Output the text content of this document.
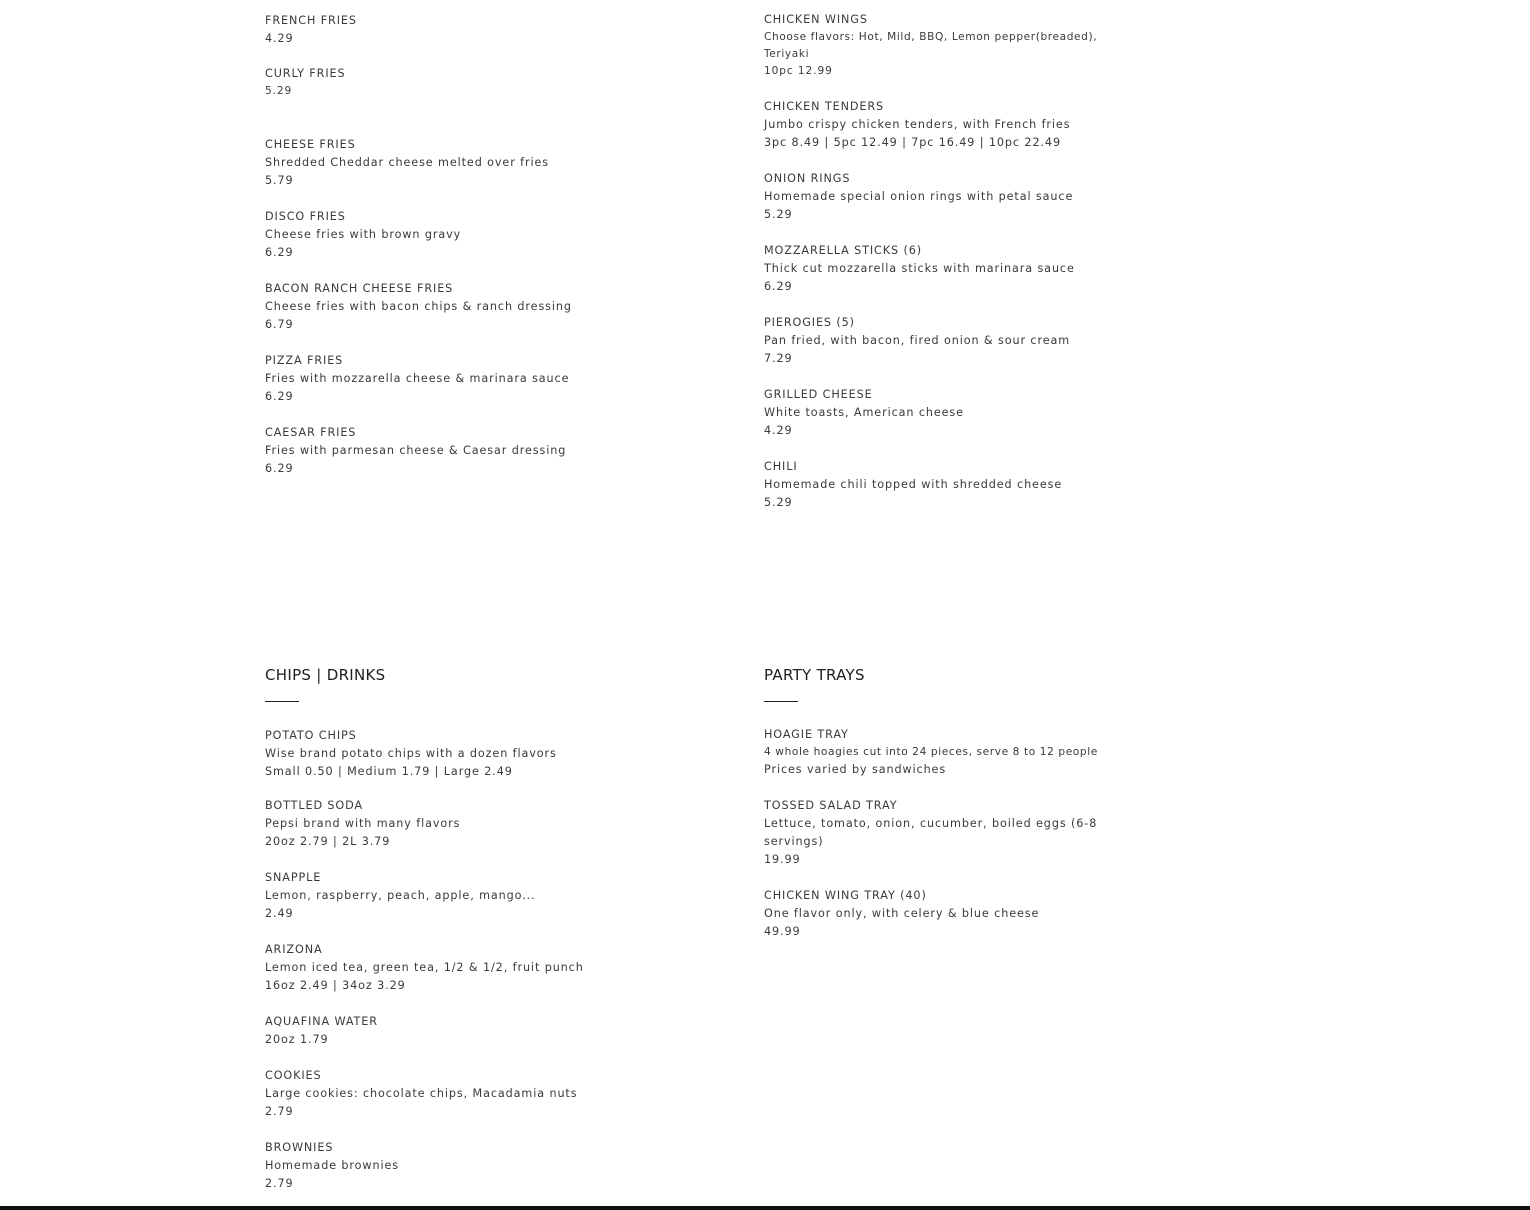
FRENCH FRIES
4.29
CURLY FRIES
5.29
CHEESE FRIES
Shredded Cheddar cheese melted over fries
5.79
DISCO FRIES
Cheese fries with brown gravy
6.29
BACON RANCH CHEESE FRIES
Cheese fries with bacon chips & ranch dressing
6.79
PIZZA FRIES
Fries with mozzarella cheese & marinara sauce
6.29
CAESAR FRIES
Fries with parmesan cheese & Caesar dressing
6.29
CHICKEN WINGS
Choose flavors: Hot, Mild, BBQ, Lemon pepper(breaded), Teriyaki
10pc 12.99
CHICKEN TENDERS
Jumbo crispy chicken tenders, with French fries
3pc 8.49 | 5pc 12.49 | 7pc 16.49 | 10pc 22.49
ONION RINGS
Homemade special onion rings with petal sauce
5.29
MOZZARELLA STICKS (6)
Thick cut mozzarella sticks with marinara sauce
6.29
PIEROGIES (5)
Pan fried, with bacon, fired onion & sour cream
7.29
GRILLED CHEESE
White toasts, American cheese
4.29
CHILI
Homemade chili topped with shredded cheese
5.29
CHIPS | DRINKS	PARTY TRAYS
POTATO CHIPS
Wise brand potato chips with a dozen flavors
Small 0.50 | Medium 1.79 | Large 2.49
BOTTLED SODA
Pepsi brand with many flavors
20oz 2.79 | 2L 3.79
SNAPPLE
Lemon, raspberry, peach, apple, mango...
2.49
ARIZONA
Lemon iced tea, green tea, 1/2 & 1/2, fruit punch
16oz 2.49 | 34oz 3.29
AQUAFINA WATER
20oz 1.79
COOKIES
Large cookies: chocolate chips, Macadamia nuts
2.79
BROWNIES
Homemade brownies
2.79
HOAGIE TRAY
4 whole hoagies cut into 24 pieces, serve 8 to 12 people
Prices varied by sandwiches
TOSSED SALAD TRAY
Lettuce, tomato, onion, cucumber, boiled eggs (6-8 servings)
19.99
CHICKEN WING TRAY (40)
One flavor only, with celery & blue cheese
49.99
